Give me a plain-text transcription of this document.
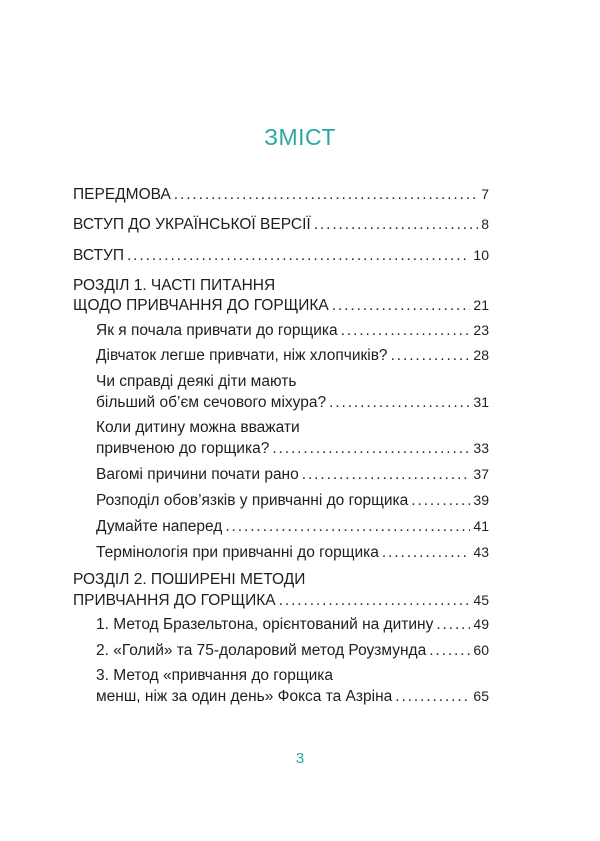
ЗМІСТ
ПЕРЕДМОВА . . .	7
ВСТУП ДО УКРАЇНСЬКОЇ ВЕРСІЇ . . .	8
ВСТУП . . .	10
РОЗДІЛ 1. ЧАСТІ ПИТАННЯ
ЩОДО ПРИВЧАННЯ ДО ГОРЩИКА . . .	21
Як я почала привчати до горщика . . .	23
Дівчаток легше привчати, ніж хлопчиків? . . .	28
Чи справді деякі діти мають
більший об’єм сечового міхура? . . .	31
Коли дитину можна вважати
привченою до горщика? . . .	33
Вагомі причини почати рано . . .	37
Розподіл обов’язків у привчанні до горщика . . .	39
Думайте наперед . . .	41
Термінологія при привчанні до горщика . . .	43
РОЗДІЛ 2. ПОШИРЕНІ МЕТОДИ
ПРИВЧАННЯ ДО ГОРЩИКА . . .	45
1. Метод Бразельтона, орієнтований на дитину . . .	49
2. «Голий» та 75-доларовий метод Роузмунда . . .	60
3. Метод «привчання до горщика
менш, ніж за один день» Фокса та Азріна . . .	65
3
